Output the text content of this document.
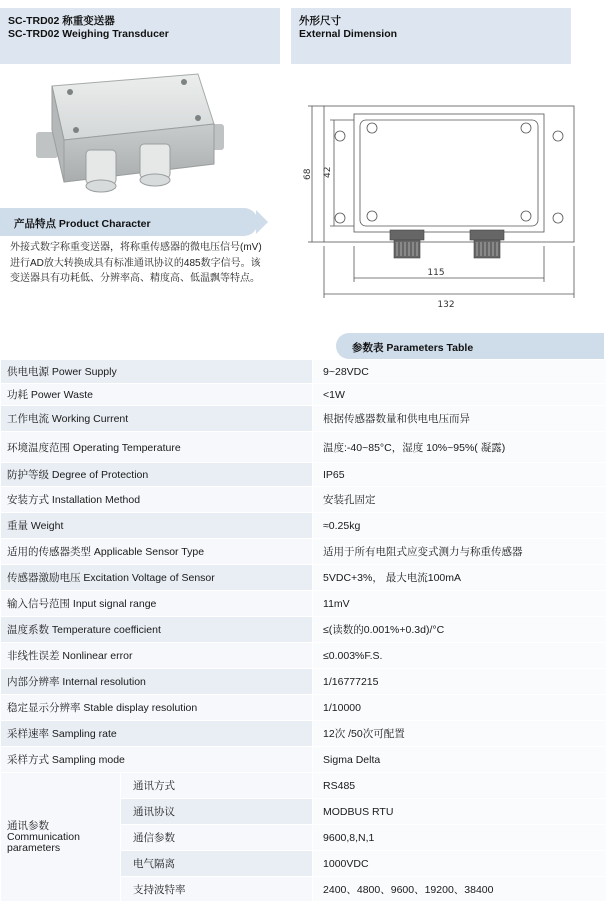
SC-TRD02 称重变送器
SC-TRD02 Weighing Transducer
外形尺寸
External Dimension
产品特点 Product Character
外接式数字称重变送器，将称重传感器的微电压信号(mV)
进行AD放大转换成具有标准通讯协议的485数字信号。该
变送器具有功耗低、分辨率高、精度高、低温飘等特点。
68 42
115
132
参数表 Parameters Table
供电电源 Power Supply		9~28VDC
功耗 Power Waste		<1W
工作电流 Working Current		根据传感器数量和供电电压而异
环境温度范围 Operating Temperature		温度:-40~85°C，湿度 10%~95%( 凝露)
防护等级 Degree of Protection		IP65
安装方式 Installation Method		安装孔固定
重量 Weight		≈0.25kg
适用的传感器类型 Applicable Sensor Type		适用于所有电阻式应变式测力与称重传感器
传感器激励电压 Excitation Voltage of Sensor		5VDC+3%， 最大电流100mA
输入信号范围 Input signal range		11mV
温度系数 Temperature coefficient		≤(读数的0.001%+0.3d)/°C
非线性误差 Nonlinear error		≤0.003%F.S.
内部分辨率 Internal resolution		1/16777215
稳定显示分辨率 Stable display resolution		1/10000
采样速率 Sampling rate		12次 /50次可配置
采样方式 Sampling mode		Sigma Delta

通讯参数
Communication
parameters	通讯方式	RS485
	通讯协议	MODBUS RTU
	通信参数	9600,8,N,1
	电气隔离	1000VDC
	支持波特率	2400、4800、9600、19200、38400
